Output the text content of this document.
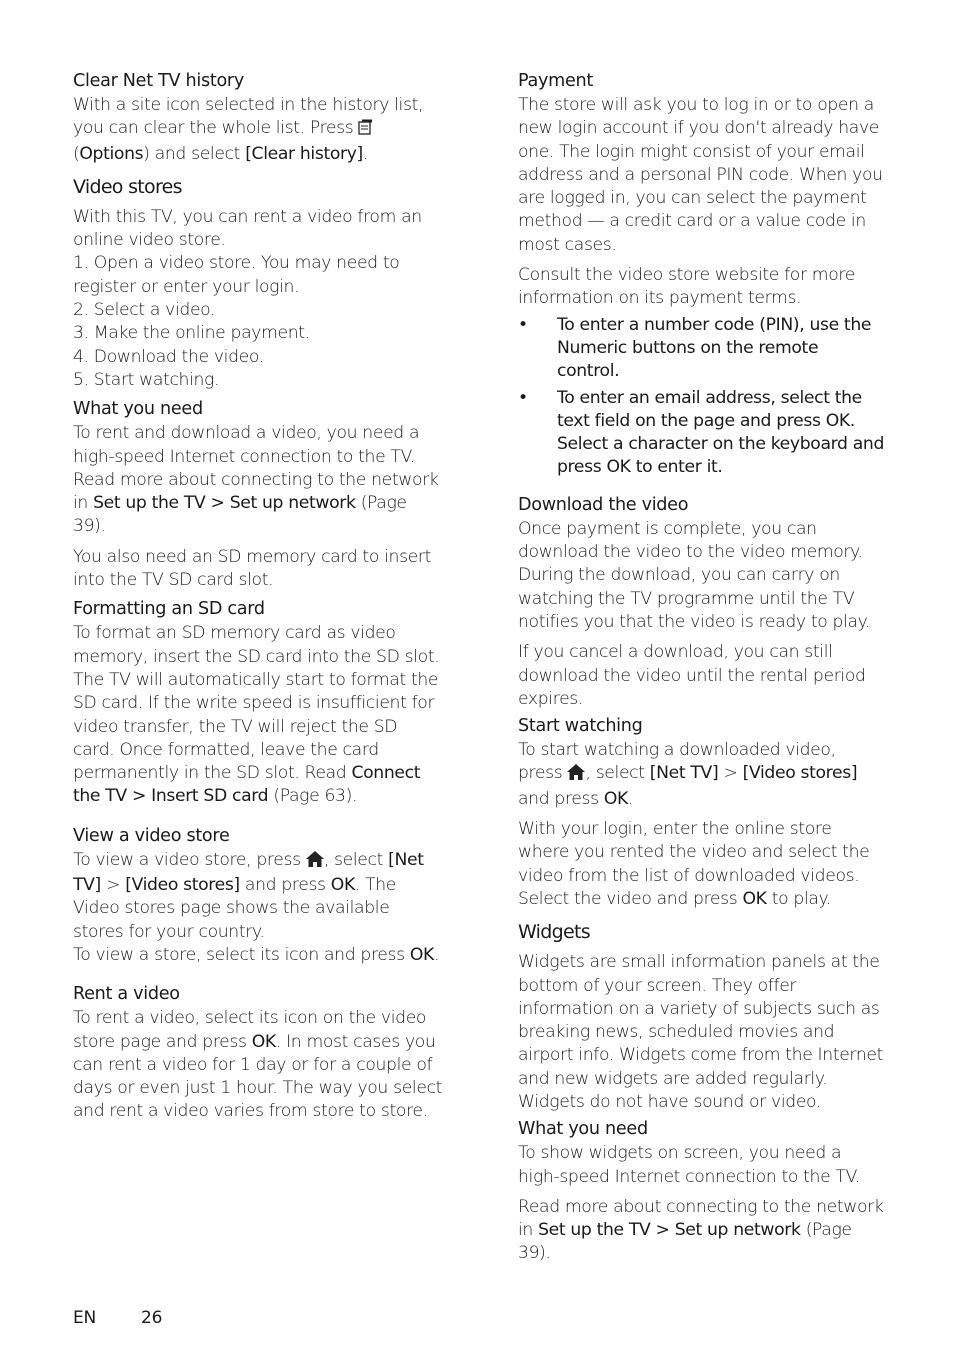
Clear Net TV history

With a site icon selected in the history list, you can clear the whole list. Press  (Options) and select [Clear history].

Video stores

With this TV, you can rent a video from an online video store.

1. Open a video store. You may need to register or enter your login.

2. Select a video.

3. Make the online payment.

4. Download the video.

5. Start watching.

What you need

To rent and download a video, you need a high-speed Internet connection to the TV. Read more about connecting to the network in Set up the TV > Set up network (Page 39).

You also need an SD memory card to insert into the TV SD card slot.

Formatting an SD card

To format an SD memory card as video memory, insert the SD card into the SD slot. The TV will automatically start to format the SD card. If the write speed is insufficient for video transfer, the TV will reject the SD card. Once formatted, leave the card permanently in the SD slot. Read Connect the TV > Insert SD card (Page 63).

View a video store

To view a video store, press , select [Net TV] > [Video stores] and press OK. The Video stores page shows the available stores for your country.

To view a store, select its icon and press OK.

Rent a video

To rent a video, select its icon on the video store page and press OK. In most cases you can rent a video for 1 day or for a couple of days or even just 1 hour. The way you select and rent a video varies from store to store.

Payment

The store will ask you to log in or to open a new login account if you don't already have one. The login might consist of your email address and a personal PIN code. When you are logged in, you can select the payment method — a credit card or a value code in most cases.

Consult the video store website for more information on its payment terms.

• To enter a number code (PIN), use the Numeric buttons on the remote control.
• To enter an email address, select the text field on the page and press OK. Select a character on the keyboard and press OK to enter it.

Download the video

Once payment is complete, you can download the video to the video memory. During the download, you can carry on watching the TV programme until the TV notifies you that the video is ready to play.

If you cancel a download, you can still download the video until the rental period expires.

Start watching

To start watching a downloaded video, press , select [Net TV] > [Video stores] and press OK.

With your login, enter the online store where you rented the video and select the video from the list of downloaded videos. Select the video and press OK to play.

Widgets

Widgets are small information panels at the bottom of your screen. They offer information on a variety of subjects such as breaking news, scheduled movies and airport info. Widgets come from the Internet and new widgets are added regularly. Widgets do not have sound or video.

What you need

To show widgets on screen, you need a high-speed Internet connection to the TV.

Read more about connecting to the network in Set up the TV > Set up network (Page 39).

EN	26
